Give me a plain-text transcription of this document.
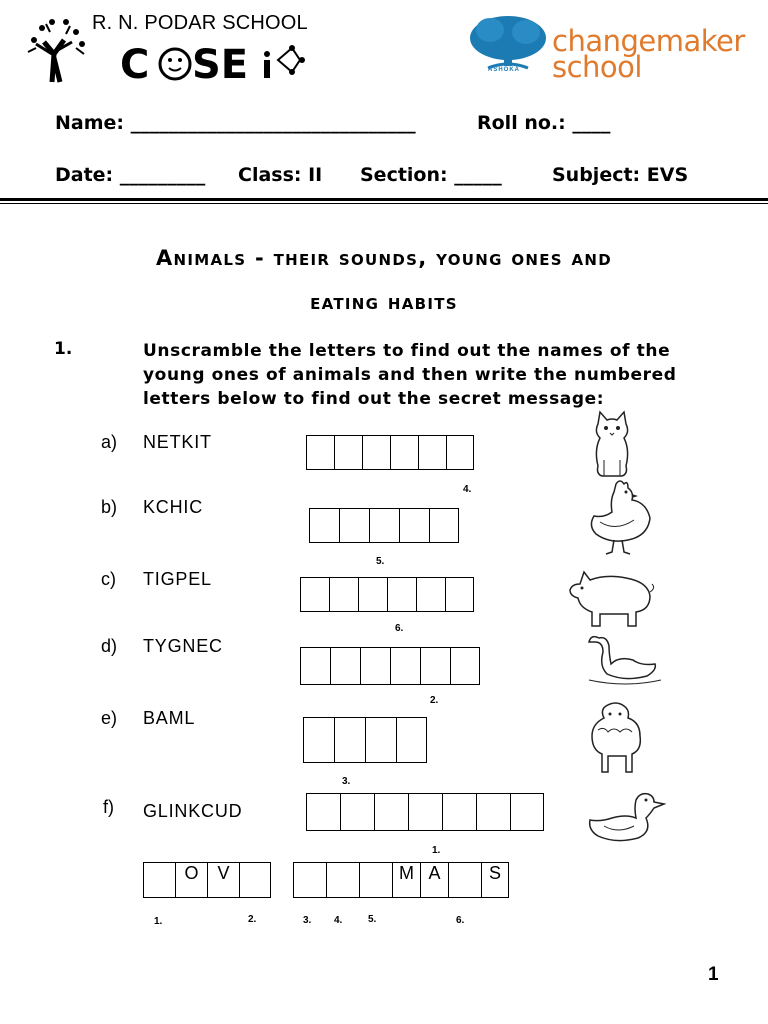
R. N. PODAR SCHOOL
C SE	ASHOKA
changemaker
school
Name: ______________________________	Roll no.: ____
Date: _________ Class: II Section: _____	Subject: EVS
Animals - their sounds, young ones and
eating habits
1.	Unscramble the letters to find out the names of the young ones of animals and then write the numbered letters below to find out the secret message:
a) NETKIT
4.
b) KCHIC
5.
c) TIGPEL
6.
d) TYGNEC
2.
e) BAML
3.
f) GLINKCUD
1.
O	V	M A	S
1.	2.	3. 4.	5.	6.
1
